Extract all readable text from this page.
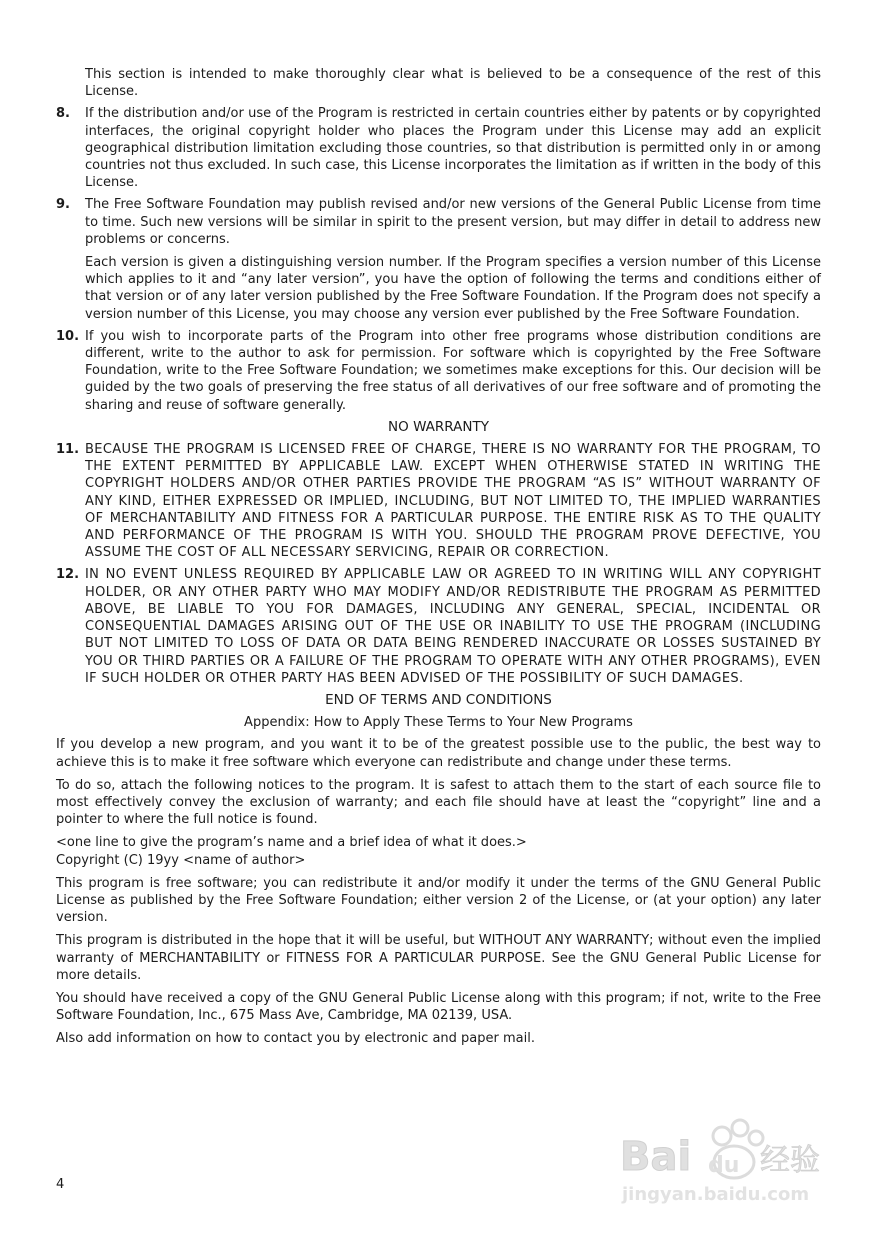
This section is intended to make thoroughly clear what is believed to be a consequence of the rest of this License.

8. If the distribution and/or use of the Program is restricted in certain countries either by patents or by copyrighted interfaces, the original copyright holder who places the Program under this License may add an explicit geographical distribution limitation excluding those countries, so that distribution is permitted only in or among countries not thus excluded. In such case, this License incorporates the limitation as if written in the body of this License.

9. The Free Software Foundation may publish revised and/or new versions of the General Public License from time to time. Such new versions will be similar in spirit to the present version, but may differ in detail to address new problems or concerns.

Each version is given a distinguishing version number. If the Program specifies a version number of this License which applies to it and “any later version”, you have the option of following the terms and conditions either of that version or of any later version published by the Free Software Foundation. If the Program does not specify a version number of this License, you may choose any version ever published by the Free Software Foundation.

10. If you wish to incorporate parts of the Program into other free programs whose distribution conditions are different, write to the author to ask for permission. For software which is copyrighted by the Free Software Foundation, write to the Free Software Foundation; we sometimes make exceptions for this. Our decision will be guided by the two goals of preserving the free status of all derivatives of our free software and of promoting the sharing and reuse of software generally.

NO WARRANTY

11. BECAUSE THE PROGRAM IS LICENSED FREE OF CHARGE, THERE IS NO WARRANTY FOR THE PROGRAM, TO THE EXTENT PERMITTED BY APPLICABLE LAW. EXCEPT WHEN OTHERWISE STATED IN WRITING THE COPYRIGHT HOLDERS AND/OR OTHER PARTIES PROVIDE THE PROGRAM “AS IS” WITHOUT WARRANTY OF ANY KIND, EITHER EXPRESSED OR IMPLIED, INCLUDING, BUT NOT LIMITED TO, THE IMPLIED WARRANTIES OF MERCHANTABILITY AND FITNESS FOR A PARTICULAR PURPOSE. THE ENTIRE RISK AS TO THE QUALITY AND PERFORMANCE OF THE PROGRAM IS WITH YOU. SHOULD THE PROGRAM PROVE DEFECTIVE, YOU ASSUME THE COST OF ALL NECESSARY SERVICING, REPAIR OR CORRECTION.

12. IN NO EVENT UNLESS REQUIRED BY APPLICABLE LAW OR AGREED TO IN WRITING WILL ANY COPYRIGHT HOLDER, OR ANY OTHER PARTY WHO MAY MODIFY AND/OR REDISTRIBUTE THE PROGRAM AS PERMITTED ABOVE, BE LIABLE TO YOU FOR DAMAGES, INCLUDING ANY GENERAL, SPECIAL, INCIDENTAL OR CONSEQUENTIAL DAMAGES ARISING OUT OF THE USE OR INABILITY TO USE THE PROGRAM (INCLUDING BUT NOT LIMITED TO LOSS OF DATA OR DATA BEING RENDERED INACCURATE OR LOSSES SUSTAINED BY YOU OR THIRD PARTIES OR A FAILURE OF THE PROGRAM TO OPERATE WITH ANY OTHER PROGRAMS), EVEN IF SUCH HOLDER OR OTHER PARTY HAS BEEN ADVISED OF THE POSSIBILITY OF SUCH DAMAGES.

END OF TERMS AND CONDITIONS

Appendix: How to Apply These Terms to Your New Programs

If you develop a new program, and you want it to be of the greatest possible use to the public, the best way to achieve this is to make it free software which everyone can redistribute and change under these terms.

To do so, attach the following notices to the program. It is safest to attach them to the start of each source file to most effectively convey the exclusion of warranty; and each file should have at least the “copyright” line and a pointer to where the full notice is found.

<one line to give the program’s name and a brief idea of what it does.>
Copyright (C) 19yy <name of author>

This program is free software; you can redistribute it and/or modify it under the terms of the GNU General Public License as published by the Free Software Foundation; either version 2 of the License, or (at your option) any later version.

This program is distributed in the hope that it will be useful, but WITHOUT ANY WARRANTY; without even the implied warranty of MERCHANTABILITY or FITNESS FOR A PARTICULAR PURPOSE. See the GNU General Public License for more details.

You should have received a copy of the GNU General Public License along with this program; if not, write to the Free Software Foundation, Inc., 675 Mass Ave, Cambridge, MA 02139, USA.

Also add information on how to contact you by electronic and paper mail.

4
Bai du 经验
jingyan.baidu.com
